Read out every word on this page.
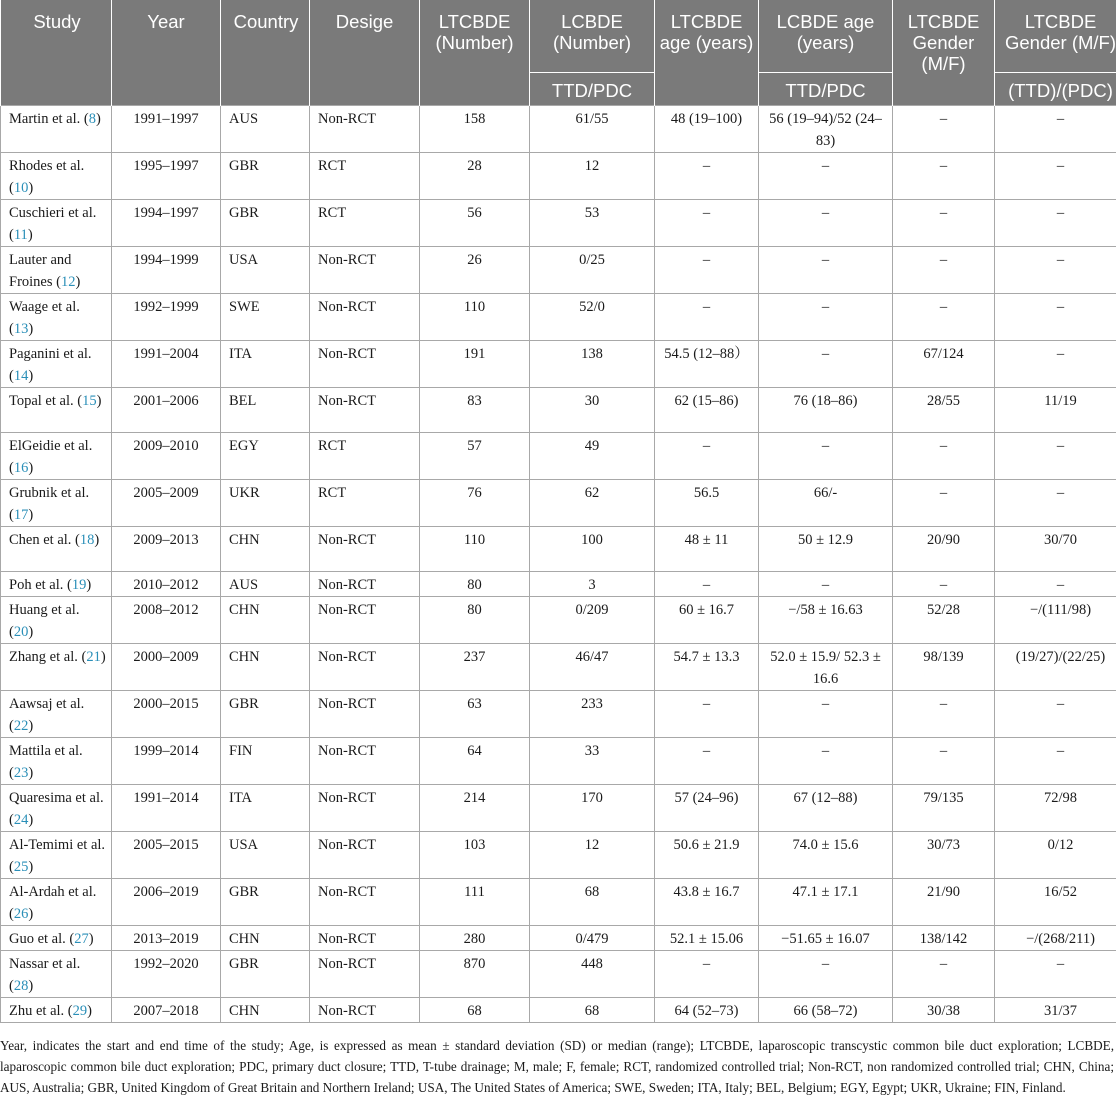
Study	Year	Country	Desige	LTCBDE (Number)	LCBDE (Number)	LTCBDE age (years)	LCBDE age (years)	LTCBDE Gender (M/F)	LTCBDE Gender (M/F)
					TTD/PDC		TTD/PDC		(TTD)/(PDC)
Martin et al. (8)	1991–1997	AUS	Non-RCT	158	61/55	48 (19–100)	56 (19–94)/52 (24–83)	–	–
Rhodes et al. (10)	1995–1997	GBR	RCT	28	12	–	–	–	–
Cuschieri et al. (11)	1994–1997	GBR	RCT	56	53	–	–	–	–
Lauter and Froines (12)	1994–1999	USA	Non-RCT	26	0/25	–	–	–	–
Waage et al. (13)	1992–1999	SWE	Non-RCT	110	52/0	–	–	–	–
Paganini et al. (14)	1991–2004	ITA	Non-RCT	191	138	54.5 (12–88）	–	67/124	–
Topal et al. (15)	2001–2006	BEL	Non-RCT	83	30	62 (15–86)	76 (18–86)	28/55	11/19
ElGeidie et al. (16)	2009–2010	EGY	RCT	57	49	–	–	–	–
Grubnik et al. (17)	2005–2009	UKR	RCT	76	62	56.5	66/-	–	–
Chen et al. (18)	2009–2013	CHN	Non-RCT	110	100	48 ± 11	50 ± 12.9	20/90	30/70
Poh et al. (19)	2010–2012	AUS	Non-RCT	80	3	–	–	–	–
Huang et al. (20)	2008–2012	CHN	Non-RCT	80	0/209	60 ± 16.7	−/58 ± 16.63	52/28	−/(111/98)
Zhang et al. (21)	2000–2009	CHN	Non-RCT	237	46/47	54.7 ± 13.3	52.0 ± 15.9/ 52.3 ± 16.6	98/139	(19/27)/(22/25)
Aawsaj et al. (22)	2000–2015	GBR	Non-RCT	63	233	–	–	–	–
Mattila et al. (23)	1999–2014	FIN	Non-RCT	64	33	–	–	–	–
Quaresima et al. (24)	1991–2014	ITA	Non-RCT	214	170	57 (24–96)	67 (12–88)	79/135	72/98
Al-Temimi et al. (25)	2005–2015	USA	Non-RCT	103	12	50.6 ± 21.9	74.0 ± 15.6	30/73	0/12
Al-Ardah et al. (26)	2006–2019	GBR	Non-RCT	111	68	43.8 ± 16.7	47.1 ± 17.1	21/90	16/52
Guo et al. (27)	2013–2019	CHN	Non-RCT	280	0/479	52.1 ± 15.06	−51.65 ± 16.07	138/142	−/(268/211)
Nassar et al. (28)	1992–2020	GBR	Non-RCT	870	448	–	–	–	–
Zhu et al. (29)	2007–2018	CHN	Non-RCT	68	68	64 (52–73)	66 (58–72)	30/38	31/37
Year, indicates the start and end time of the study; Age, is expressed as mean ± standard deviation (SD) or median (range); LTCBDE, laparoscopic transcystic common bile duct exploration; LCBDE, laparoscopic common bile duct exploration; PDC, primary duct closure; TTD, T-tube drainage; M, male; F, female; RCT, randomized controlled trial; Non-RCT, non randomized controlled trial; CHN, China; AUS, Australia; GBR, United Kingdom of Great Britain and Northern Ireland; USA, The United States of America; SWE, Sweden; ITA, Italy; BEL, Belgium; EGY, Egypt; UKR, Ukraine; FIN, Finland.
